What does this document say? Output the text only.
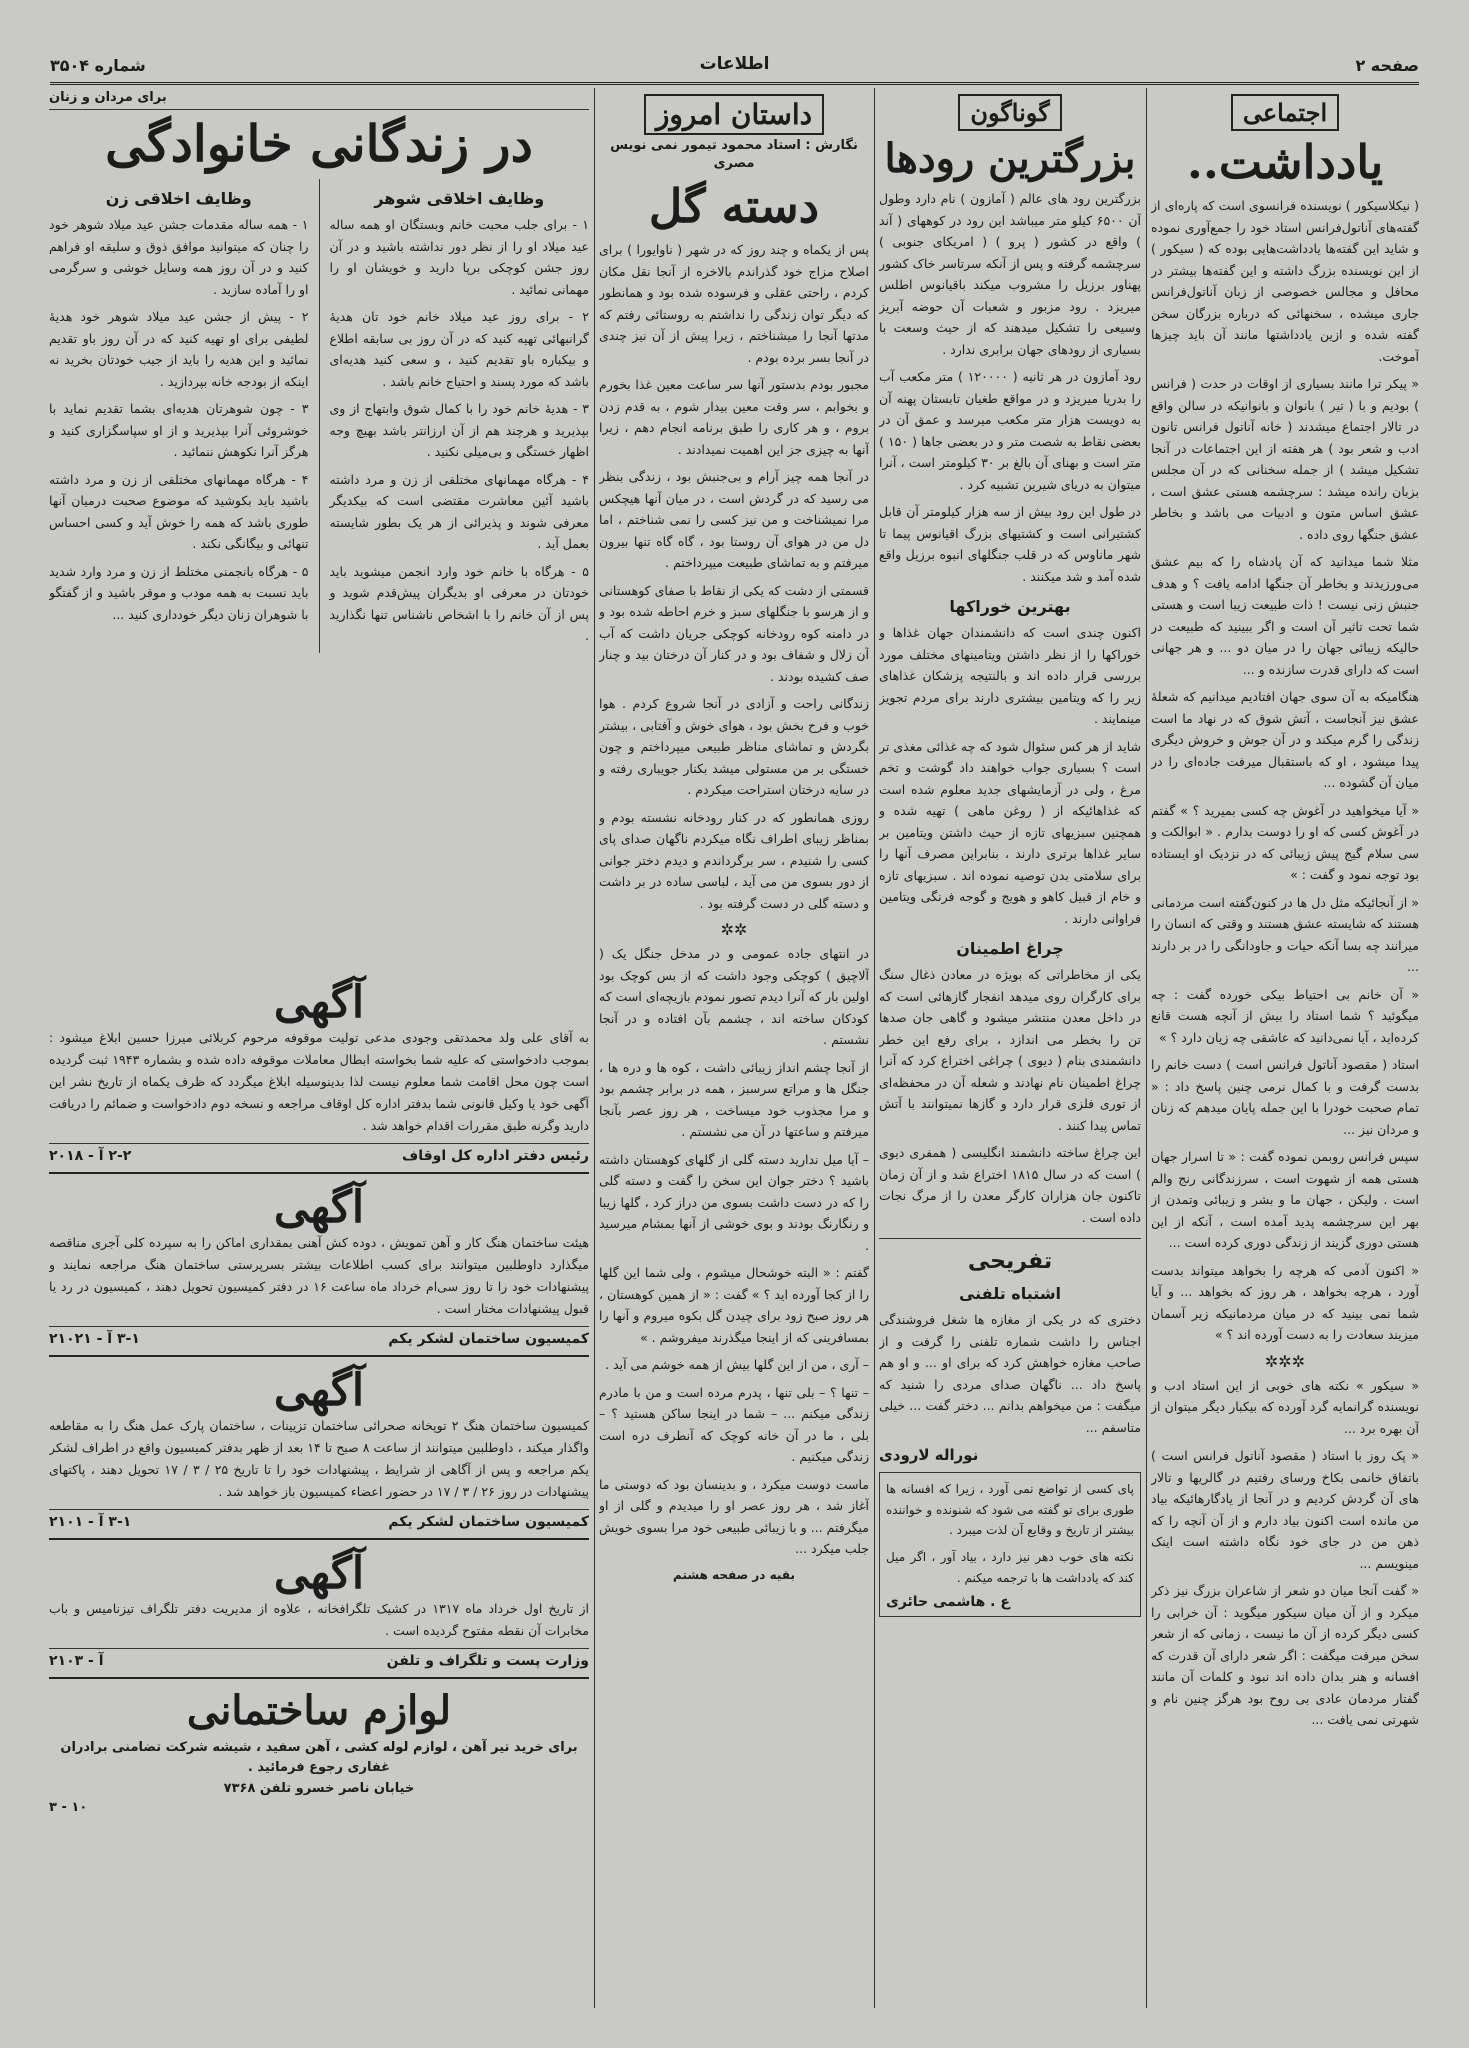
صفحه ۲
اطلاعات
شماره ۳۵۰۴
اجتماعی
یادداشت..

( نیکلاسیکور ) نویسنده فرانسوی است که پاره‌ای از گفته‌های آناتول‌فرانس استاد خود را جمع‌آوری نموده و شاید این گفته‌ها یادداشت‌هایی بوده که ( سیکور ) از این نویسنده بزرگ داشته و این گفته‌ها بیشتر در محافل و مجالس خصوصی از زبان آناتول‌فرانس جاری میشده ، سخنهائی که درباره بزرگان سخن گفته شده و ازین یادداشتها مانند آن باید چیزها آموخت.

« پیکر ترا مانند بسیاری از اوقات در حدت ( فرانس ) بودیم و با ( تیر ) بانوان و بانوانیکه در سالن واقع در تالار اجتماع میشدند ( خانه آناتول فرانس تانون ادب و شعر بود ) هر هفته از این اجتماعات در آنجا تشکیل میشد ) از جمله سخنانی که در آن مجلس بزبان رانده میشد : سرچشمه هستی عشق است ، عشق اساس متون و ادبیات می باشد و بخاطر عشق جنگها روی داده .

مثلا شما میدانید که آن پادشاه را که بیم عشق می‌ورزیدند و بخاطر آن جنگها ادامه یافت ؟ و هدف جنبش زنی نیست ! ذات طبیعت زیبا است و هستی شما تحت تاثیر آن است و اگر ببینید که طبیعت در حالیکه زیبائی جهان را در میان دو ... و هر جهانی است که دارای قدرت سازنده و ...

هنگامیکه به آن سوی جهان افتادیم میدانیم که شعلهٔ عشق نیز آنجاست ، آتش شوق که در نهاد ما است زندگی را گرم میکند و در آن جوش و خروش دیگری پیدا میشود ، او که باستقبال میرفت جاده‌ای را در میان آن گشوده ...

« آیا میخواهید در آغوش چه کسی بمیرید ؟ » گفتم در آغوش کسی که او را دوست بدارم . « ابوالکت و سی سلام گیج پیش زیبائی که در نزدیک او ایستاده بود توجه نمود و گفت : »

« از آنجائیکه مثل دل ها در کنون‌گفته است مردمانی هستند که شایسته عشق هستند و وقتی که انسان را میرانند چه بسا آنکه حیات و جاودانگی را در بر دارند ...

« آن خانم بی احتیاط بیکی خورده گفت : چه میگوئید ؟ شما استاد را بیش از آنچه هست قانع کرده‌اید ، آیا نمی‌دانید که عاشقی چه زیان دارد ؟ »

استاد ( مقصود آناتول فرانس است ) دست خانم را بدست گرفت و با کمال نرمی چنین پاسخ داد : « تمام صحبت خودرا با این جمله پایان میدهم که زنان و مردان نیز ...

سپس فرانس روبمن نموده گفت : « تا اسرار جهان هستی همه از شهوت است ، سرزندگانی رنج والم است . ولیکن ، جهان ما و بشر و زیبائی وتمدن از بهر این سرچشمه پدید آمده است ، آنکه از این هستی دوری گزیند از زندگی دوری کرده است ...

« اکنون آدمی که هرچه را بخواهد میتواند بدست آورد ، هرچه بخواهد ، هر روز که بخواهد ... و آیا شما نمی بینید که در میان مردمانیکه زیر آسمان میزیند سعادت را به دست آورده اند ؟ »

✲✲✲

« سیکور » نکته های خوبی از این استاد ادب و نویسنده گرانمایه گرد آورده که بیکبار دیگر میتوان از آن بهره برد ...

« پک روز با استاد ( مقصود آناتول فرانس است ) باتفاق خانمی بکاخ ورسای رفتیم در گالریها و تالار های آن گردش کردیم و در آنجا از یادگارهائیکه بیاد من مانده است اکنون بیاد دارم و از آن آنچه را که ذهن من در جای خود نگاه داشته است اینک مینویسم ...

« گفت آنجا میان دو شعر از شاعران بزرگ نیز ذکر میکرد و از آن میان سیکور میگوید : آن خرابی را کسی دیگر کرده از آن ما نیست ، زمانی که از شعر سخن میرفت میگفت : اگر شعر دارای آن قدرت که افسانه و هنر بدان داده اند نبود و کلمات آن مانند گفتار مردمان عادی بی روح بود هرگز چنین نام و شهرتی نمی یافت ...

گوناگون
بزرگترین رودها

بزرگترین رود های عالم ( آمازون ) نام دارد وطول آن ۶۵۰۰ کیلو متر میباشد این رود در کوههای ( آند ) واقع در کشور ( پرو ) ( امریکای جنوبی ) سرچشمه گرفته و پس از آنکه سرتاسر خاک کشور پهناور برزیل را مشروب میکند باقیانوس اطلس میریزد . رود مزبور و شعبات آن حوضه آبریز وسیعی را تشکیل میدهند که از حیث وسعت با بسیاری از رودهای جهان برابری ندارد .

رود آمازون در هر ثانیه ( ۱۲۰۰۰۰ ) متر مکعب آب را بدریا میریزد و در مواقع طغیان تابستان پهنه آن به دویست هزار متر مکعب میرسد و عمق آن در بعضی نقاط به شصت متر و در بعضی جاها ( ۱۵۰ ) متر است و بهنای آن بالغ بر ۳۰ کیلومتر است ، آنرا میتوان به دریای شیرین تشبیه کرد .

در طول این رود بیش از سه هزار کیلومتر آن قابل کشتیرانی است و کشتیهای بزرگ اقیانوس پیما تا شهر ماناوس که در قلب جنگلهای انبوه برزیل واقع شده آمد و شد میکنند .

بهترین خوراکها

اکنون چندی است که دانشمندان جهان غذاها و خوراکها را از نظر داشتن ویتامینهای مختلف مورد بررسی قرار داده اند و بالنتیجه پزشکان غذاهای زیر را که ویتامین بیشتری دارند برای مردم تجویز مینمایند .

شاید از هر کس سئوال شود که چه غذائی مغذی تر است ؟ بسیاری جواب خواهند داد گوشت و تخم مرغ ، ولی در آزمایشهای جدید معلوم شده است که غذاهائیکه از ( روغن ماهی ) تهیه شده و همچنین سبزیهای تازه از حیث داشتن ویتامین بر سایر غذاها برتری دارند ، بنابراین مصرف آنها را برای سلامتی بدن توصیه نموده اند . سبزیهای تازه و خام از قبیل کاهو و هویج و گوجه فرنگی ویتامین فراوانی دارند .

چراغ اطمینان

یکی از مخاطراتی که بویژه در معادن ذغال سنگ برای کارگران روی میدهد انفجار گازهائی است که در داخل معدن منتشر میشود و گاهی جان صدها تن را بخطر می اندازد ، برای رفع این خطر دانشمندی بنام ( دیوی ) چراغی اختراع کرد که آنرا چراغ اطمینان نام نهادند و شعله آن در محفظه‌ای از توری فلزی قرار دارد و گازها نمیتوانند با آتش تماس پیدا کنند .

این چراغ ساخته دانشمند انگلیسی ( همفری دیوی ) است که در سال ۱۸۱۵ اختراع شد و از آن زمان تاکنون جان هزاران کارگر معدن را از مرگ نجات داده است .

تفریحی
اشتباه تلفنی

دختری که در یکی از مغازه ها شغل فروشندگی اجناس را داشت شماره تلفنی را گرفت و از صاحب مغازه خواهش کرد که برای او ... و او هم پاسخ داد ... ناگهان صدای مردی را شنید که میگفت : من میخواهم بدانم ... دختر گفت ... خیلی متاسفم ...

نوراله لارودی

پای کسی از تواضع نمی آورد ، زیرا که افسانه ها طوری برای تو گفته می شود که شنونده و خواننده بیشتر از تاریخ و وقایع آن لذت میبرد .

نکته های خوب دهر نیز دارد ، بیاد آور ، اگر میل کند که یادداشت ها با ترجمه میکنم .

ع . هاشمی حائری
داستان امروز
نگارش : استاد محمود تیمور نمی نویس مصری
دسته گل

پس از یکماه و چند روز که در شهر ( ناوایورا ) برای اصلاح مزاج خود گذراندم بالاخره از آنجا نقل مکان کردم ، راحتی عقلی و فرسوده شده بود و همانطور که دیگر توان زندگی را نداشتم به روستائی رفتم که مدتها آنجا را میشناختم ، زیرا پیش از آن نیز چندی در آنجا بسر برده بودم .

مجبور بودم بدستور آنها سر ساعت معین غذا بخورم و بخوابم ، سر وقت معین بیدار شوم ، به قدم زدن بروم ، و هر کاری را طبق برنامه انجام دهم ، زیرا آنها به چیزی جز این اهمیت نمیدادند .

در آنجا همه چیز آرام و بی‌جنبش بود ، زندگی بنظر می رسید که در گردش است ، در میان آنها هیچکس مرا نمیشناخت و من نیز کسی را نمی شناختم ، اما دل من در هوای آن روستا بود ، گاه گاه تنها بیرون میرفتم و به تماشای طبیعت میپرداختم .

قسمتی از دشت که یکی از نقاط با صفای کوهستانی و از هرسو با جنگلهای سبز و خرم احاطه شده بود و در دامنه کوه رودخانه کوچکی جریان داشت که آب آن زلال و شفاف بود و در کنار آن درختان بید و چنار صف کشیده بودند .

زندگانی راحت و آزادی در آنجا شروع کردم . هوا خوب و فرح بخش بود ، هوای خوش و آفتابی ، بیشتر بگردش و تماشای مناظر طبیعی میپرداختم و چون خستگی بر من مستولی میشد بکنار جویباری رفته و در سایه درختان استراحت میکردم .

روزی همانطور که در کنار رودخانه نشسته بودم و بمناظر زیبای اطراف نگاه میکردم ناگهان صدای پای کسی را شنیدم ، سر برگرداندم و دیدم دختر جوانی از دور بسوی من می آید ، لباسی ساده در بر داشت و دسته گلی در دست گرفته بود .

✲✲

در انتهای جاده عمومی و در مدخل جنگل یک ( آلاچیق ) کوچکی وجود داشت که از بس کوچک بود اولین بار که آنرا دیدم تصور نمودم بازیچه‌ای است که کودکان ساخته اند ، چشمم بآن افتاده و در آنجا نشستم .

از آنجا چشم انداز زیبائی داشت ، کوه ها و دره ها ، جنگل ها و مراتع سرسبز ، همه در برابر چشمم بود و مرا مجذوب خود میساخت ، هر روز عصر بآنجا میرفتم و ساعتها در آن می نشستم .

– آیا میل ندارید دسته گلی از گلهای کوهستان داشته باشید ؟ دختر جوان این سخن را گفت و دسته گلی را که در دست داشت بسوی من دراز کرد ، گلها زیبا و رنگارنگ بودند و بوی خوشی از آنها بمشام میرسید .

گفتم : « البته خوشحال میشوم ، ولی شما این گلها را از کجا آورده اید ؟ » گفت : « از همین کوهستان ، هر روز صبح زود برای چیدن گل بکوه میروم و آنها را بمسافرینی که از اینجا میگذرند میفروشم . »

– آری ، من از این گلها بیش از همه خوشم می آید .

– تنها ؟ – بلی تنها ، پدرم مرده است و من با مادرم زندگی میکنم ... – شما در اینجا ساکن هستید ؟ – بلی ، ما در آن خانه کوچک که آنطرف دره است زندگی میکنیم .

ماست دوست میکرد ، و بدینسان بود که دوستی ما آغاز شد ، هر روز عصر او را میدیدم و گلی از او میگرفتم ... و با زیبائی طبیعی خود مرا بسوی خویش جلب میکرد ...

بقیه در صفحه هشتم
برای مردان و زنان
در زندگانی خانوادگی
وظایف اخلاقی شوهر

۱ - برای جلب محبت خانم وبستگان او همه ساله عید میلاد او را از نظر دور نداشته باشید و در آن روز جشن کوچکی برپا دارید و خویشان او را مهمانی نمائید .

۲ - برای روز عید میلاد خانم خود تان هدیهٔ گرانبهائی تهیه کنید که در آن روز بی سابقه اطلاع و بیکباره باو تقدیم کنید ، و سعی کنید هدیه‌ای باشد که مورد پسند و احتیاج خانم باشد .

۳ - هدیهٔ خانم خود را با کمال شوق وابتهاج از وی بپذیرید و هرچند هم از آن ارزانتر باشد بهیچ وجه اظهار خستگی و بی‌میلی نکنید .

۴ - هرگاه مهمانهای مختلفی از زن و مرد داشته باشید آئین معاشرت مقتضی است که بیکدیگر معرفی شوند و پذیرائی از هر یک بطور شایسته بعمل آید .

۵ - هرگاه با خانم خود وارد انجمن میشوید باید خودتان در معرفی او بدیگران پیش‌قدم شوید و پس از آن خانم را با اشخاص ناشناس تنها نگذارید .

وظایف اخلاقی زن

۱ - همه ساله مقدمات جشن عید میلاد شوهر خود را چنان که میتوانید موافق ذوق و سلیقه او فراهم کنید و در آن روز همه وسایل خوشی و سرگرمی او را آماده سازید .

۲ - پیش از جشن عید میلاد شوهر خود هدیهٔ لطیفی برای او تهیه کنید که در آن روز باو تقدیم نمائید و این هدیه را باید از جیب خودتان بخرید نه اینکه از بودجه خانه بپردازید .

۳ - چون شوهرتان هدیه‌ای بشما تقدیم نماید با خوشروئی آنرا بپذیرید و از او سپاسگزاری کنید و هرگز آنرا نکوهش ننمائید .

۴ - هرگاه مهمانهای مختلفی از زن و مرد داشته باشید باید بکوشید که موضوع صحبت درمیان آنها طوری باشد که همه را خوش آید و کسی احساس تنهائی و بیگانگی نکند .

۵ - هرگاه بانجمنی مختلط از زن و مرد وارد شدید باید نسبت به همه مودب و موقر باشید و از گفتگو با شوهران زنان دیگر خودداری کنید ...

آگهی

به آقای علی ولد محمدتقی وجودی مدعی تولیت موقوفه مرحوم کربلائی میرزا حسین ابلاغ میشود : بموجب دادخواستی که علیه شما بخواسته ابطال معاملات موقوفه داده شده و بشماره ۱۹۴۳ ثبت گردیده است چون محل اقامت شما معلوم نیست لذا بدینوسیله ابلاغ میگردد که ظرف یکماه از تاریخ نشر این آگهی خود یا وکیل قانونی شما بدفتر اداره کل اوقاف مراجعه و نسخه دوم دادخواست و ضمائم را دریافت دارید وگرنه طبق مقررات اقدام خواهد شد .

رئیس دفتر اداره کل اوقاف
۲-۲ آ - ۲۰۱۸
آگهی

هیئت ساختمان هنگ کار و آهن تمویش ، دوده کش آهنی بمقداری اماکن را به سپرده کلی آجری مناقصه میگذارد داوطلبین میتوانند برای کسب اطلاعات بیشتر بسرپرستی ساختمان هنگ مراجعه نمایند و پیشنهادات خود را تا روز سی‌ام خرداد ماه ساعت ۱۶ در دفتر کمیسیون تحویل دهند ، کمیسیون در رد یا قبول پیشنهادات مختار است .

کمیسیون ساختمان لشکر یکم
۳-۱ آ - ۲۱۰۲۱
آگهی

کمیسیون ساختمان هنگ ۲ توپخانه صحرائی ساختمان تزیینات ، ساختمان پارک عمل هنگ را به مقاطعه واگذار میکند ، داوطلبین میتوانند از ساعت ۸ صبح تا ۱۴ بعد از ظهر بدفتر کمیسیون واقع در اطراف لشکر یکم مراجعه و پس از آگاهی از شرایط ، پیشنهادات خود را تا تاریخ ۲۵ / ۳ / ۱۷ تحویل دهند ، پاکتهای پیشنهادات در روز ۲۶ / ۳ / ۱۷ در حضور اعضاء کمیسیون باز خواهد شد .

کمیسیون ساختمان لشکر یکم
۳-۱ آ - ۲۱۰۱
آگهی

از تاریخ اول خرداد ماه ۱۳۱۷ در کشیک تلگرافخانه ، علاوه از مدیریت دفتر تلگراف تیزنامیس و باب مخابرات آن نقطه مفتوح گردیده است .

وزارت پست و تلگراف و تلفن
آ - ۲۱۰۳
لوازم ساختمانی
برای خرید تیر آهن ، لوازم لوله کشی ، آهن سفید ، شیشه شرکت تضامنی برادران غفاری رجوع فرمائید .
خیابان ناصر خسرو تلفن ۷۳۶۸
۱۰ - ۳
